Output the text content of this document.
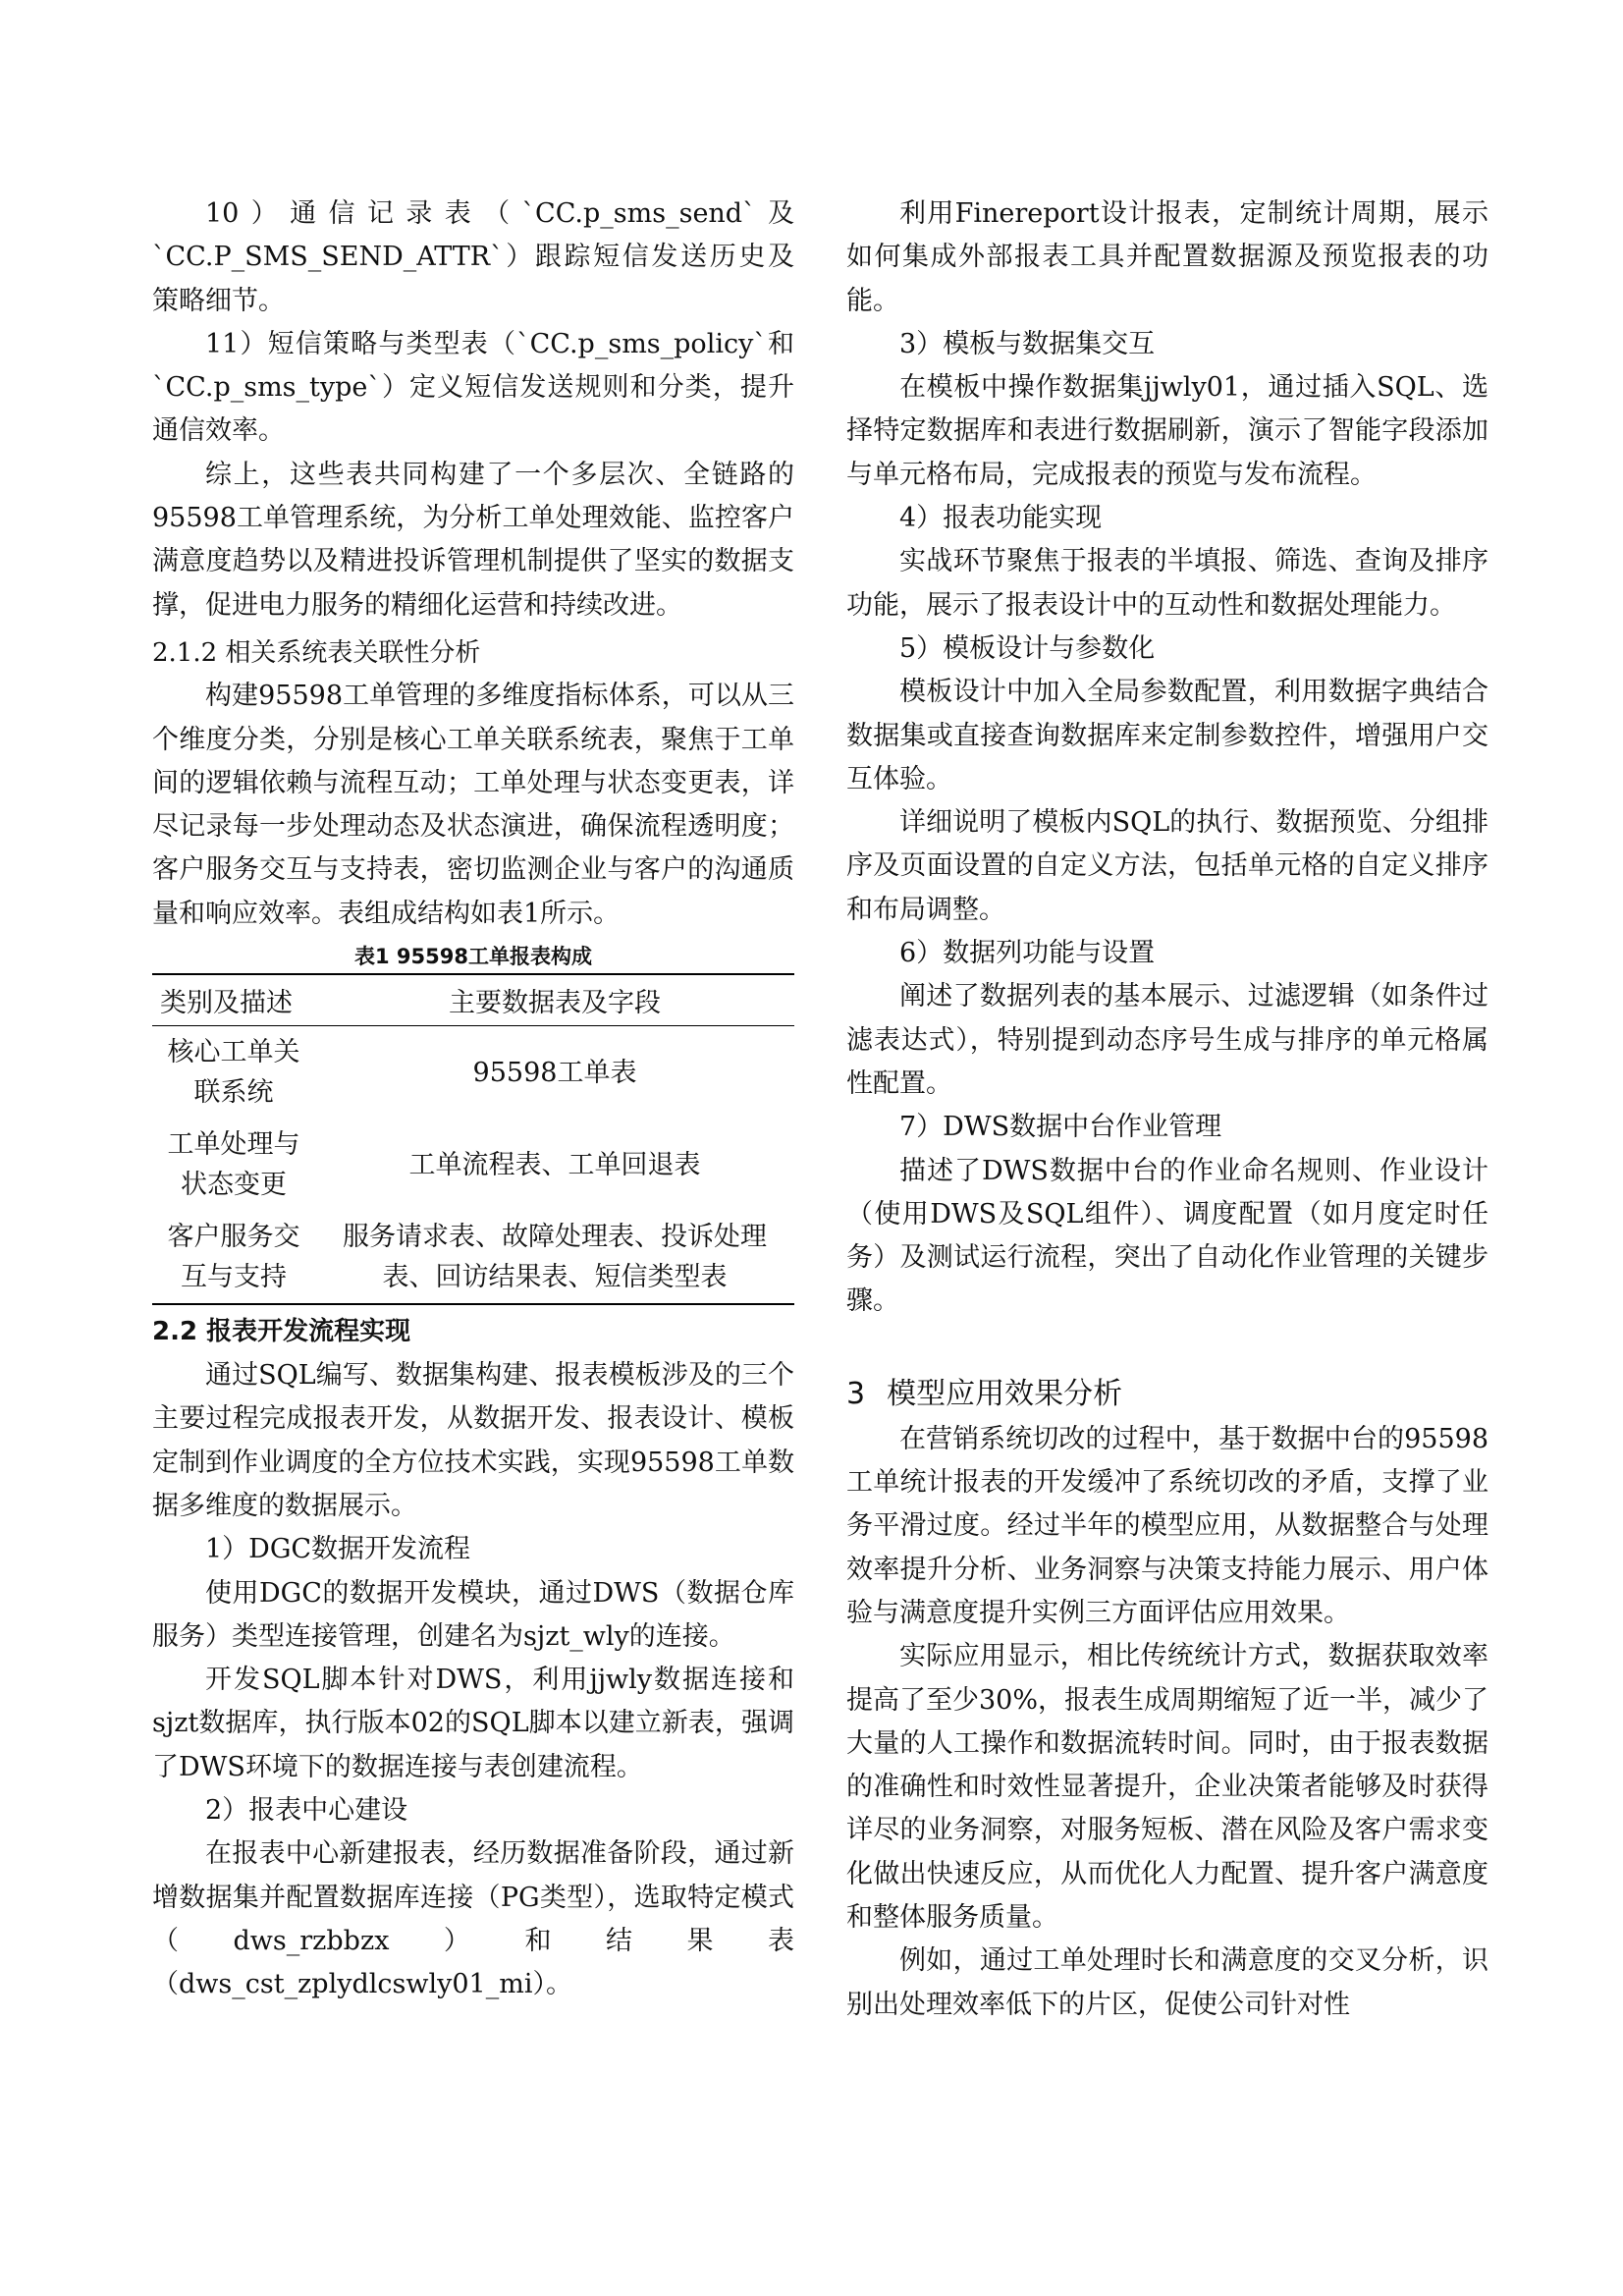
10）通信记录表（`CC.p_sms_send`及`CC.P_SMS_SEND_ATTR`）跟踪短信发送历史及策略细节。

11）短信策略与类型表（`CC.p_sms_policy`和`CC.p_sms_type`）定义短信发送规则和分类，提升通信效率。

综上，这些表共同构建了一个多层次、全链路的95598工单管理系统，为分析工单处理效能、监控客户满意度趋势以及精进投诉管理机制提供了坚实的数据支撑，促进电力服务的精细化运营和持续改进。

2.1.2 相关系统表关联性分析

构建95598工单管理的多维度指标体系，可以从三个维度分类，分别是核心工单关联系统表，聚焦于工单间的逻辑依赖与流程互动；工单处理与状态变更表，详尽记录每一步处理动态及状态演进，确保流程透明度；客户服务交互与支持表，密切监测企业与客户的沟通质量和响应效率。表组成结构如表1所示。

表1 95598工单报表构成
类别及描述	主要数据表及字段
核心工单关联系统	95598工单表
工单处理与状态变更	工单流程表、工单回退表
客户服务交互与支持	服务请求表、故障处理表、投诉处理表、回访结果表、短信类型表
2.2 报表开发流程实现

通过SQL编写、数据集构建、报表模板涉及的三个主要过程完成报表开发，从数据开发、报表设计、模板定制到作业调度的全方位技术实践，实现95598工单数据多维度的数据展示。

1）DGC数据开发流程

使用DGC的数据开发模块，通过DWS（数据仓库服务）类型连接管理，创建名为sjzt_wly的连接。

开发SQL脚本针对DWS，利用jjwly数据连接和sjzt数据库，执行版本02的SQL脚本以建立新表，强调了DWS环境下的数据连接与表创建流程。

2）报表中心建设

在报表中心新建报表，经历数据准备阶段，通过新增数据集并配置数据库连接（PG类型），选取特定模式（dws_rzbbzx）和结果表（dws_cst_zplydlcswly01_mi）。

利用Finereport设计报表，定制统计周期，展示如何集成外部报表工具并配置数据源及预览报表的功能。

3）模板与数据集交互

在模板中操作数据集jjwly01，通过插入SQL、选择特定数据库和表进行数据刷新，演示了智能字段添加与单元格布局，完成报表的预览与发布流程。

4）报表功能实现

实战环节聚焦于报表的半填报、筛选、查询及排序功能，展示了报表设计中的互动性和数据处理能力。

5）模板设计与参数化

模板设计中加入全局参数配置，利用数据字典结合数据集或直接查询数据库来定制参数控件，增强用户交互体验。

详细说明了模板内SQL的执行、数据预览、分组排序及页面设置的自定义方法，包括单元格的自定义排序和布局调整。

6）数据列功能与设置

阐述了数据列表的基本展示、过滤逻辑（如条件过滤表达式），特别提到动态序号生成与排序的单元格属性配置。

7）DWS数据中台作业管理

描述了DWS数据中台的作业命名规则、作业设计（使用DWS及SQL组件）、调度配置（如月度定时任务）及测试运行流程，突出了自动化作业管理的关键步骤。

3 模型应用效果分析

在营销系统切改的过程中，基于数据中台的95598工单统计报表的开发缓冲了系统切改的矛盾，支撑了业务平滑过度。经过半年的模型应用，从数据整合与处理效率提升分析、业务洞察与决策支持能力展示、用户体验与满意度提升实例三方面评估应用效果。

实际应用显示，相比传统统计方式，数据获取效率提高了至少30%，报表生成周期缩短了近一半，减少了大量的人工操作和数据流转时间。同时，由于报表数据的准确性和时效性显著提升，企业决策者能够及时获得详尽的业务洞察，对服务短板、潜在风险及客户需求变化做出快速反应，从而优化人力配置、提升客户满意度和整体服务质量。

例如，通过工单处理时长和满意度的交叉分析，识别出处理效率低下的片区，促使公司针对性
